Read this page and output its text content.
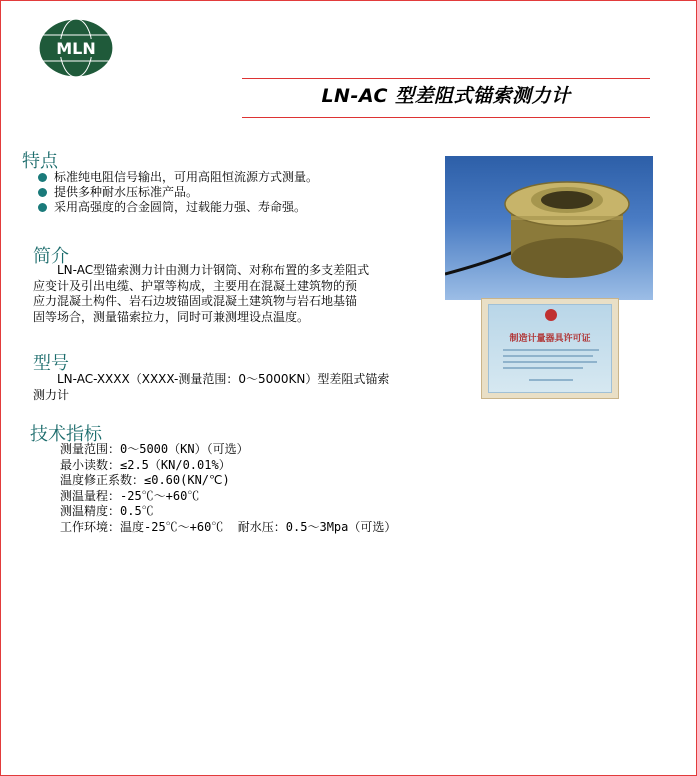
MLN
LN-AC 型差阻式锚索测力计
特点
标准纯电阻信号输出，可用高阻恒流源方式测量。
提供多种耐水压标准产品。
采用高强度的合金圆筒，过载能力强、寿命强。
简介
　　LN-AC型锚索测力计由测力计钢筒、对称布置的多支差阻式
应变计及引出电缆、护罩等构成，主要用在混凝土建筑物的预
应力混凝土构件、岩石边坡锚固或混凝土建筑物与岩石地基锚
固等场合，测量锚索拉力，同时可兼测埋设点温度。
型号
　　LN-AC-XXXX（XXXX-测量范围：0～5000KN）型差阻式锚索
测力计
技术指标
测量范围：0～5000（KN）（可选）
最小读数：≤2.5（KN/0.01%）
温度修正系数：≤0.60(KN/℃)
测温量程：-25℃～+60℃
测温精度：0.5℃
工作环境：温度-25℃～+60℃  耐水压：0.5～3Mpa（可选）
制造计量器具许可证
